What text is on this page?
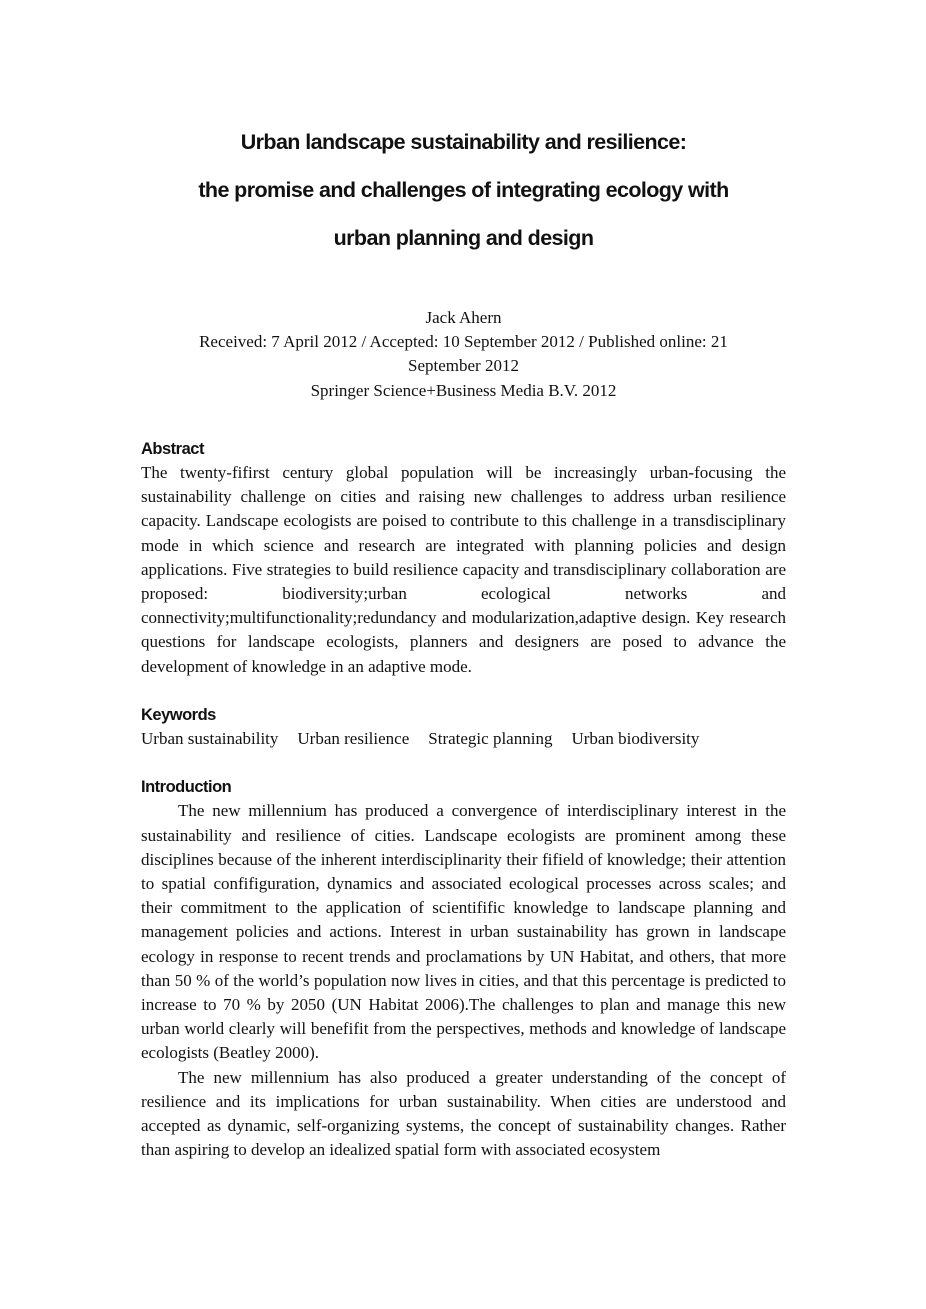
Urban landscape sustainability and resilience:
the promise and challenges of integrating ecology with
urban planning and design
Jack Ahern
Received: 7 April 2012 / Accepted: 10 September 2012 / Published online: 21
September 2012
Springer Science+Business Media B.V. 2012
Abstract

The twenty-fifirst century global population will be increasingly urban-focusing the sustainability challenge on cities and raising new challenges to address urban resilience capacity. Landscape ecologists are poised to contribute to this challenge in a transdisciplinary mode in which science and research are integrated with planning policies and design applications. Five strategies to build resilience capacity and transdisciplinary collaboration are proposed: biodiversity;urban ecological networks and connectivity;multifunctionality;redundancy and modularization,adaptive design. Key research questions for landscape ecologists, planners and designers are posed to advance the development of knowledge in an adaptive mode.

Keywords
Urban sustainability Urban resilience Strategic planning Urban biodiversity
Introduction

The new millennium has produced a convergence of interdisciplinary interest in the sustainability and resilience of cities. Landscape ecologists are prominent among these disciplines because of the inherent interdisciplinarity their fifield of knowledge; their attention to spatial confifiguration, dynamics and associated ecological processes across scales; and their commitment to the application of scientifific knowledge to landscape planning and management policies and actions. Interest in urban sustainability has grown in landscape ecology in response to recent trends and proclamations by UN Habitat, and others, that more than 50 % of the world’s population now lives in cities, and that this percentage is predicted to increase to 70 % by 2050 (UN Habitat 2006).The challenges to plan and manage this new urban world clearly will benefifit from the perspectives, methods and knowledge of landscape ecologists (Beatley 2000).

The new millennium has also produced a greater understanding of the concept of resilience and its implications for urban sustainability. When cities are understood and accepted as dynamic, self-organizing systems, the concept of sustainability changes. Rather than aspiring to develop an idealized spatial form with associated ecosystem
